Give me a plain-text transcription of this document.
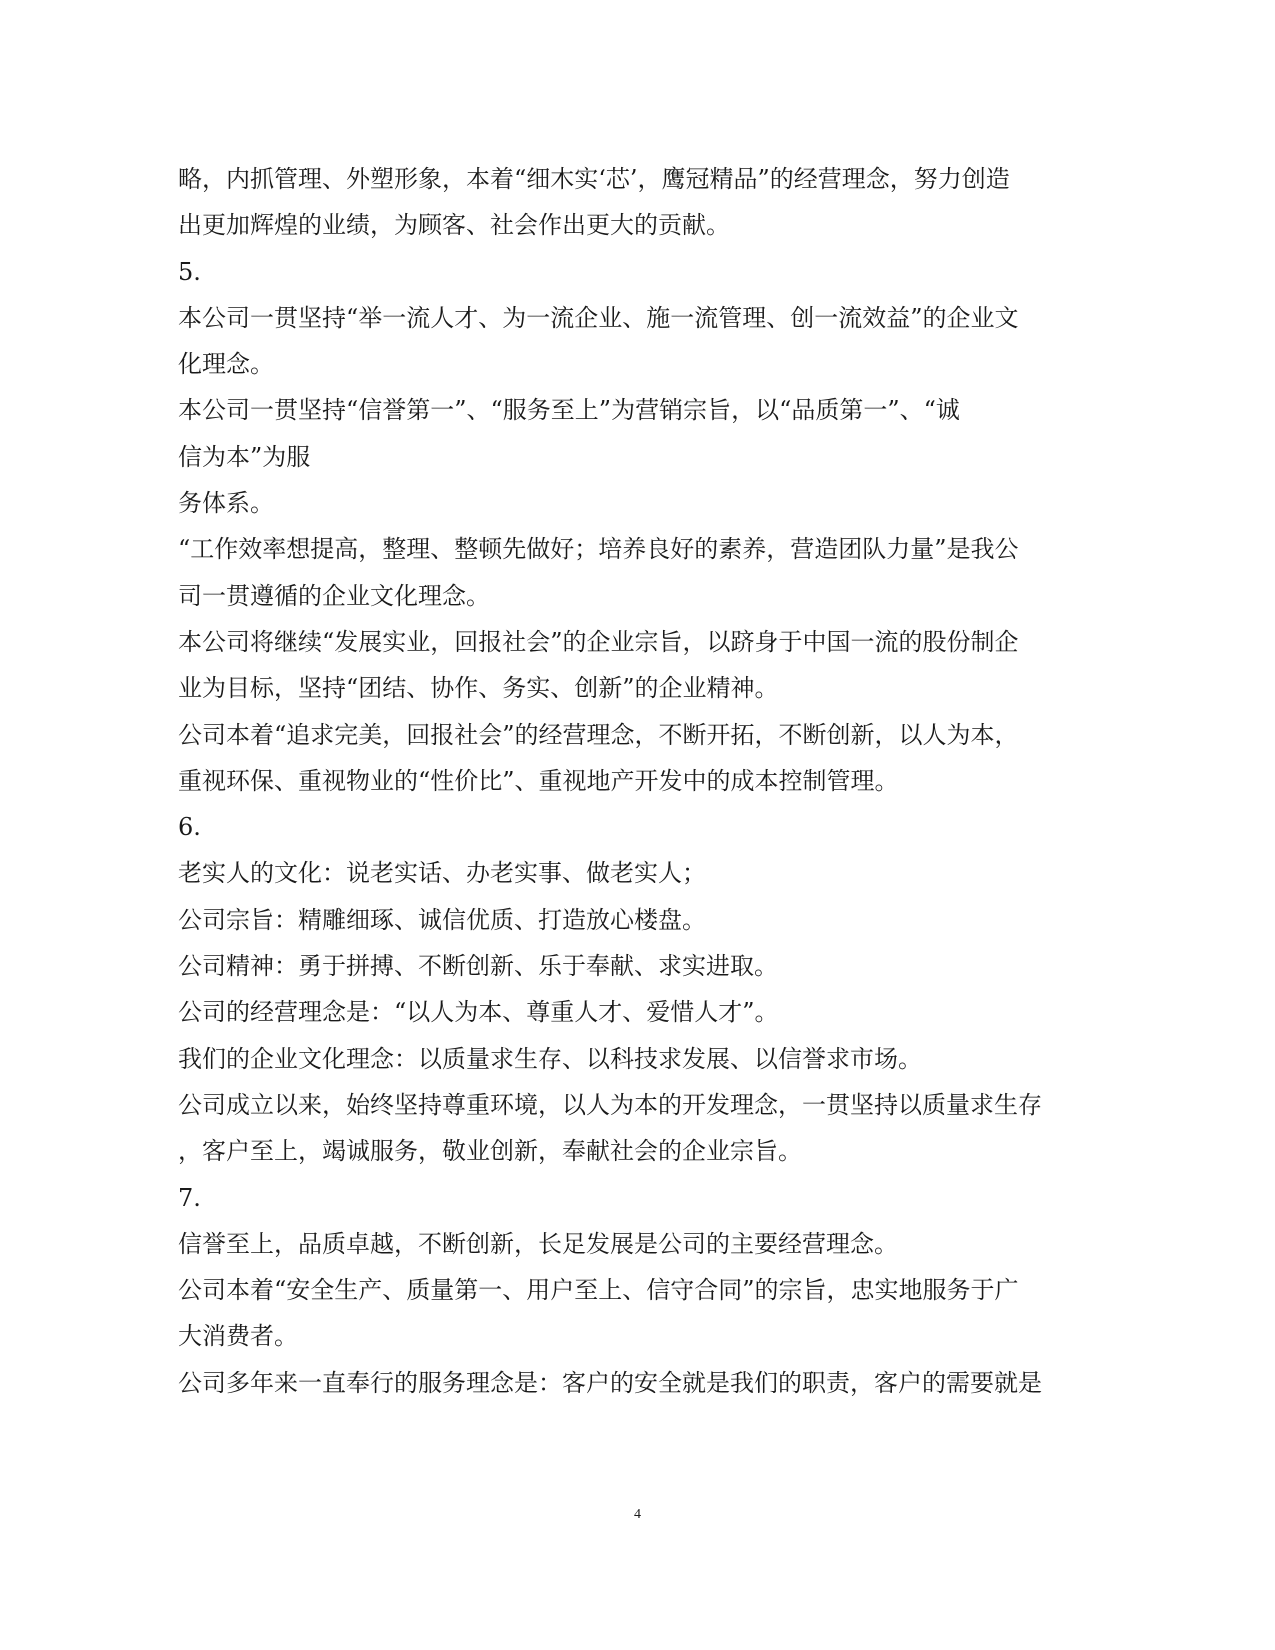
略，内抓管理、外塑形象，本着“细木实‘芯’，鹰冠精品”的经营理念，努力创造
出更加辉煌的业绩，为顾客、社会作出更大的贡献。
5.
本公司一贯坚持“举一流人才、为一流企业、施一流管理、创一流效益”的企业文
化理念。
本公司一贯坚持“信誉第一”、“服务至上”为营销宗旨，以“品质第一”、“诚
信为本”为服
务体系。
“工作效率想提高，整理、整顿先做好；培养良好的素养，营造团队力量”是我公
司一贯遵循的企业文化理念。
本公司将继续“发展实业，回报社会”的企业宗旨，以跻身于中国一流的股份制企
业为目标，坚持“团结、协作、务实、创新”的企业精神。
公司本着“追求完美，回报社会”的经营理念，不断开拓，不断创新，以人为本，
重视环保、重视物业的“性价比”、重视地产开发中的成本控制管理。
6.
老实人的文化：说老实话、办老实事、做老实人；
公司宗旨：精雕细琢、诚信优质、打造放心楼盘。
公司精神：勇于拼搏、不断创新、乐于奉献、求实进取。
公司的经营理念是：“以人为本、尊重人才、爱惜人才”。
我们的企业文化理念：以质量求生存、以科技求发展、以信誉求市场。
公司成立以来，始终坚持尊重环境，以人为本的开发理念，一贯坚持以质量求生存
，客户至上，竭诚服务，敬业创新，奉献社会的企业宗旨。
7.
信誉至上，品质卓越，不断创新，长足发展是公司的主要经营理念。
公司本着“安全生产、质量第一、用户至上、信守合同”的宗旨，忠实地服务于广
大消费者。
公司多年来一直奉行的服务理念是：客户的安全就是我们的职责，客户的需要就是
4
